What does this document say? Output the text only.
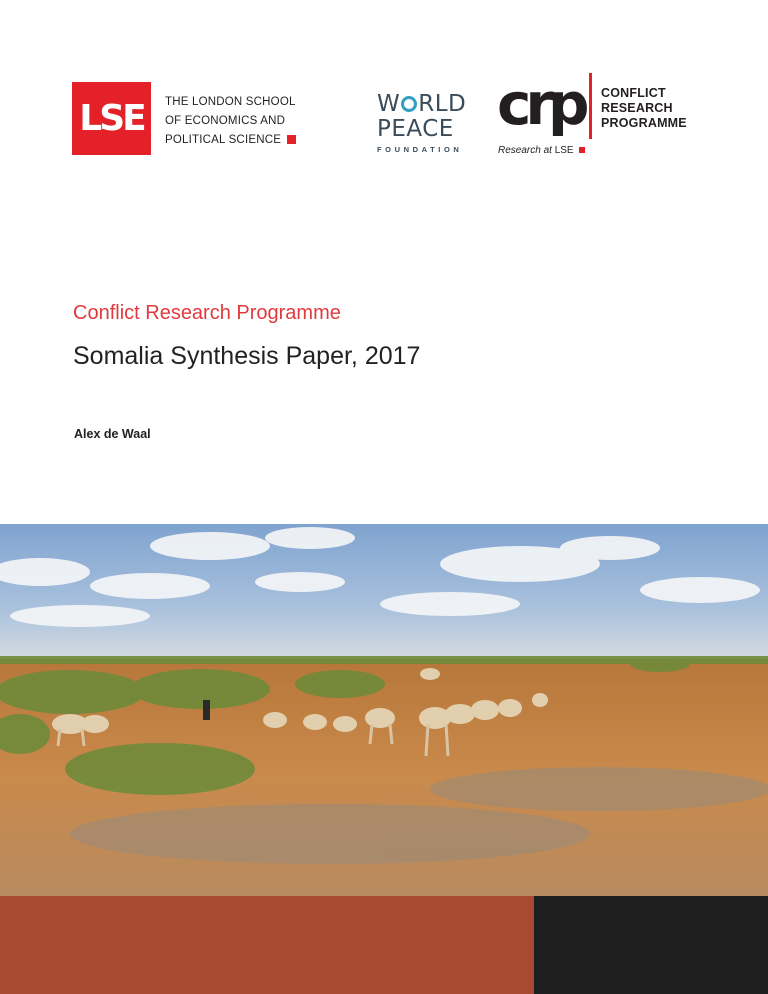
LSE	THE LONDON SCHOOL
OF ECONOMICS AND
POLITICAL SCIENCE
W RLD
PEACE
FOUNDATION
crp CONFLICT
RESEARCH
PROGRAMME
Research at LSE
Conflict Research Programme
Somalia Synthesis Paper, 2017
Alex de Waal
